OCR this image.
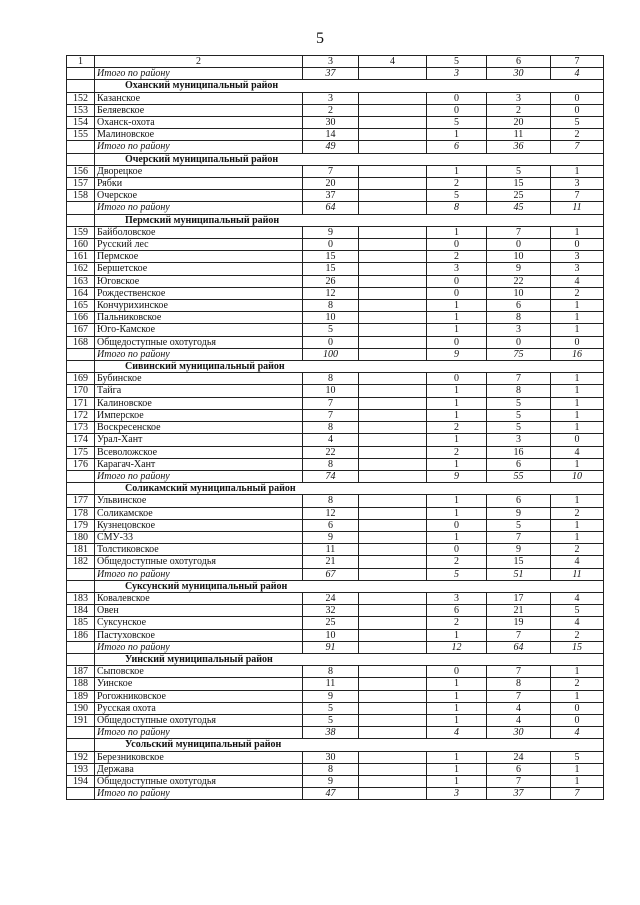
5
1	2	3	4	5	6	7
	Итого по району	37		3	30	4
	Оханский муниципальный район					
152	Казанское	3		0	3	0
153	Беляевское	2		0	2	0
154	Оханск-охота	30		5	20	5
155	Малиновское	14		1	11	2
	Итого по району	49		6	36	7
	Очерский муниципальный район					
156	Дворецкое	7		1	5	1
157	Рябки	20		2	15	3
158	Очерское	37		5	25	7
	Итого по району	64		8	45	11
	Пермский муниципальный район					
159	Байболовское	9		1	7	1
160	Русский лес	0		0	0	0
161	Пермское	15		2	10	3
162	Бершетское	15		3	9	3
163	Юговское	26		0	22	4
164	Рождественское	12		0	10	2
165	Кончурихинское	8		1	6	1
166	Пальниковское	10		1	8	1
167	Юго-Камское	5		1	3	1
168	Общедоступные охотугодья	0		0	0	0
	Итого по району	100		9	75	16
	Сивинский муниципальный район					
169	Бубинское	8		0	7	1
170	Тайга	10		1	8	1
171	Калиновское	7		1	5	1
172	Имперское	7		1	5	1
173	Воскресенское	8		2	5	1
174	Урал-Хант	4		1	3	0
175	Всеволожское	22		2	16	4
176	Карагач-Хант	8		1	6	1
	Итого по району	74		9	55	10
	Соликамский муниципальный район					
177	Ульвинское	8		1	6	1
178	Соликамское	12		1	9	2
179	Кузнецовское	6		0	5	1
180	СМУ-33	9		1	7	1
181	Толстиковское	11		0	9	2
182	Общедоступные охотугодья	21		2	15	4
	Итого по району	67		5	51	11
	Суксунский муниципальный район					
183	Ковалевское	24		3	17	4
184	Овен	32		6	21	5
185	Суксунское	25		2	19	4
186	Пастуховское	10		1	7	2
	Итого по району	91		12	64	15
	Уинский муниципальный район					
187	Сыповское	8		0	7	1
188	Уинское	11		1	8	2
189	Рогожниковское	9		1	7	1
190	Русская охота	5		1	4	0
191	Общедоступные охотугодья	5		1	4	0
	Итого по району	38		4	30	4
	Усольский муниципальный район					
192	Березниковское	30		1	24	5
193	Держава	8		1	6	1
194	Общедоступные охотугодья	9		1	7	1
	Итого по району	47		3	37	7
